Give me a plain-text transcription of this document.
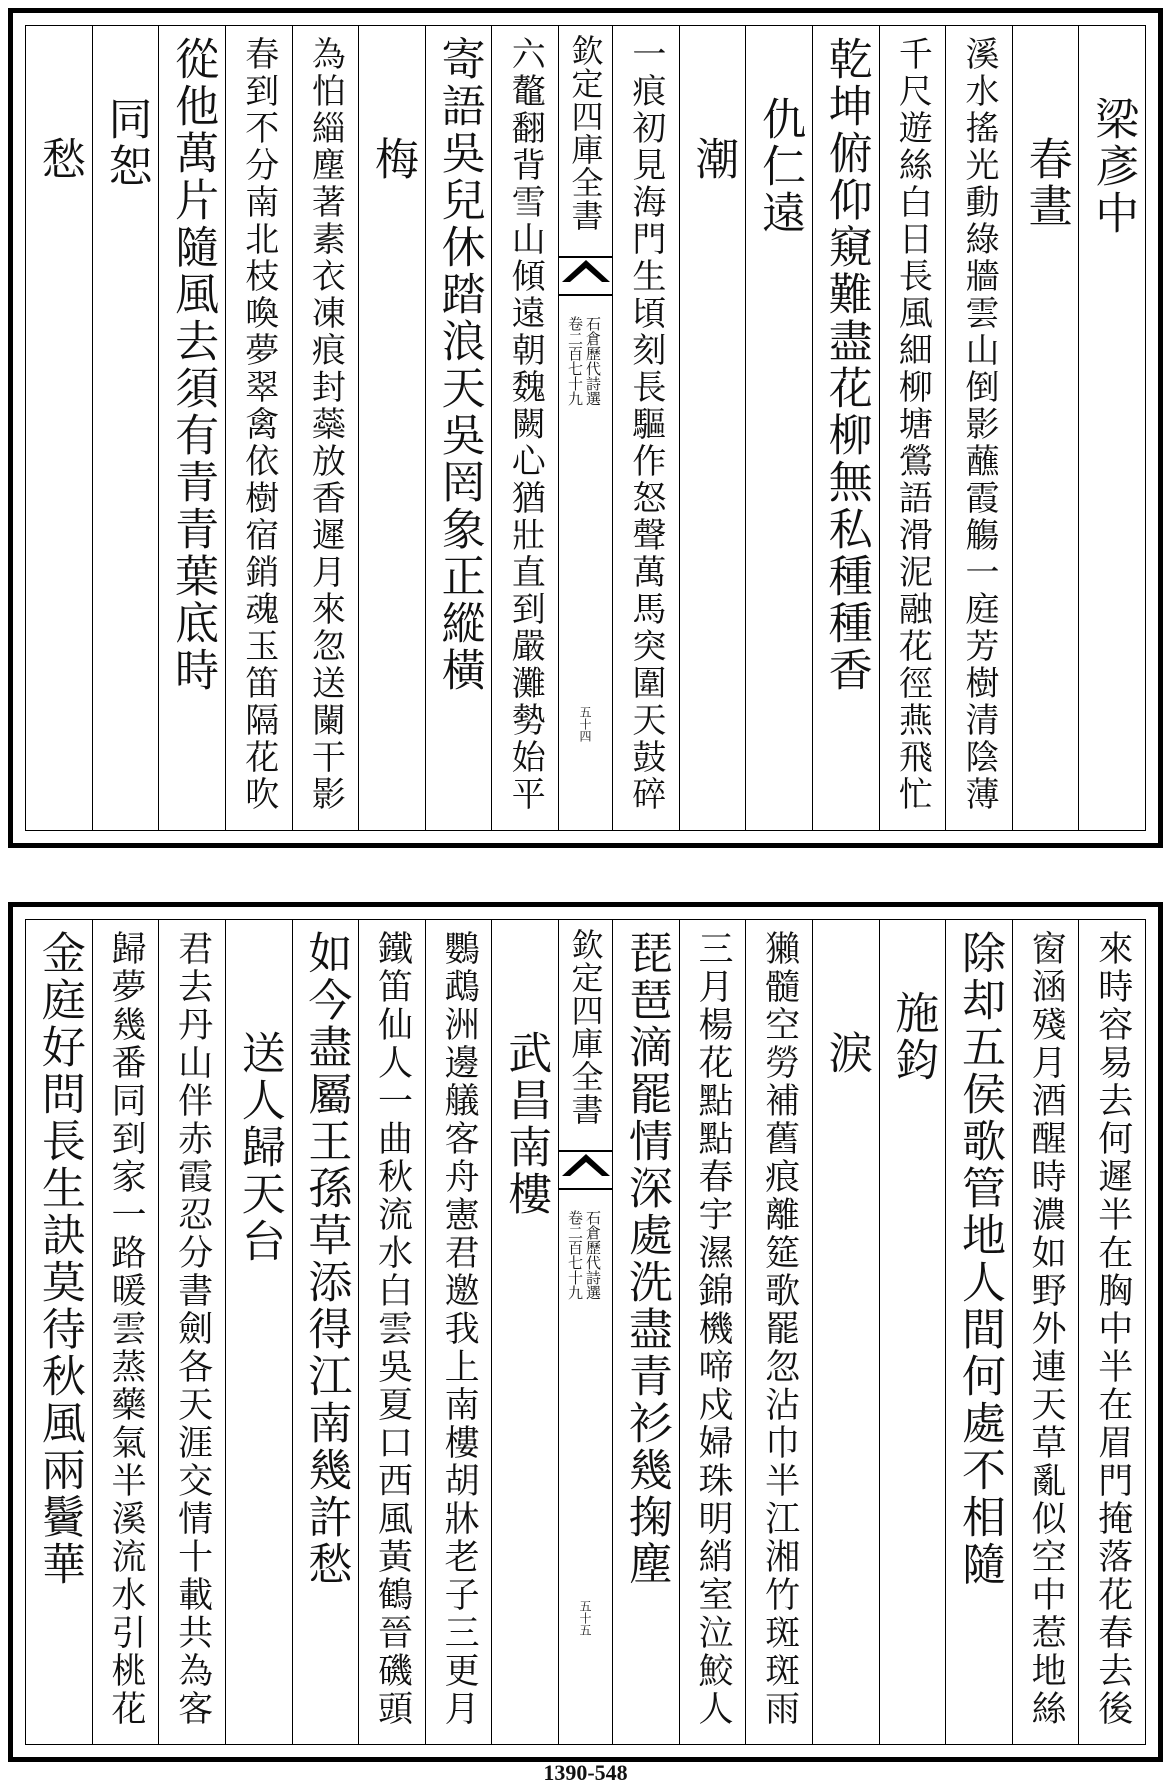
梁彥中
春晝
溪水搖光動綠牆雲山倒影蘸霞觴一庭芳樹清陰薄
千尺遊絲白日長風細柳塘鶯語滑泥融花徑燕飛忙
乾坤俯仰窺難盡花柳無私種種香
仇仁遠
潮
一痕初見海門生頃刻長驅作怒聲萬馬突圍天鼓碎
欽定四庫全書
石倉歷代詩選
卷二百七十九
五十四
六鼇翻背雪山傾遠朝魏闕心猶壯直到嚴灘勢始平
寄語吳兒休踏浪天吳罔象正縱橫
梅
為怕緇塵著素衣凍痕封蘂放香遲月來忽送闌干影
春到不分南北枝喚夢翠禽依樹宿銷魂玉笛隔花吹
從他萬片隨風去須有青青葉底時
同恕
愁
來時容易去何遲半在胸中半在眉門掩落花春去後
窗涵殘月酒醒時濃如野外連天草亂似空中惹地絲
除却五侯歌管地人間何處不相隨
施鈞
淚
獺髓空勞補舊痕離筵歌罷忽沾巾半江湘竹斑斑雨
三月楊花點點春宇濕錦機啼戍婦珠明綃室泣鮫人
琵琶滴罷情深處洗盡青衫幾掬塵
欽定四庫全書
石倉歷代詩選
卷二百七十九
五十五
武昌南樓
鸚鵡洲邊艤客舟憲君邀我上南樓胡牀老子三更月
鐵笛仙人一曲秋流水白雲吳夏口西風黃鶴晉磯頭
如今盡屬王孫草添得江南幾許愁
送人歸天台
君去丹山伴赤霞忍分書劍各天涯交情十載共為客
歸夢幾番同到家一路暖雲蒸藥氣半溪流水引桃花
金庭好問長生訣莫待秋風兩鬢華
1390-548
